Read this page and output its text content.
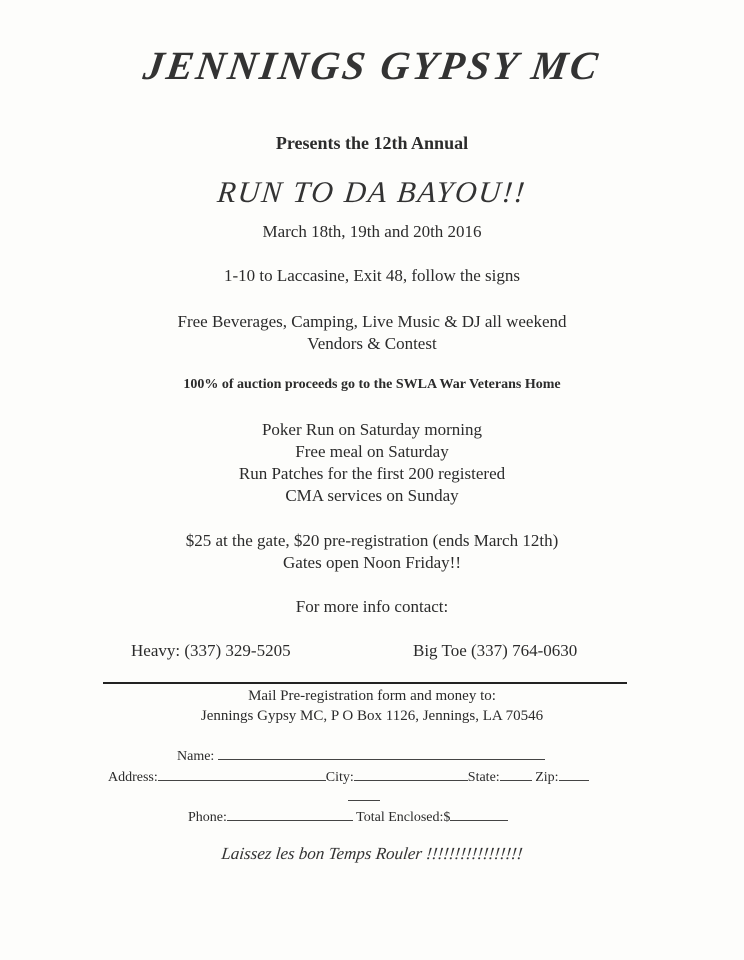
JENNINGS GYPSY MC
Presents the 12th Annual
RUN TO DA BAYOU!!
March 18th, 19th and 20th 2016
1-10 to Laccasine, Exit 48, follow the signs
Free Beverages, Camping, Live Music & DJ all weekend
Vendors & Contest
100% of auction proceeds go to the SWLA War Veterans Home
Poker Run on Saturday morning
Free meal on Saturday
Run Patches for the first 200 registered
CMA services on Sunday
$25 at the gate, $20 pre-registration (ends March 12th)
Gates open Noon Friday!!
For more info contact:
Heavy: (337) 329-5205	Big Toe (337) 764-0630
Mail Pre-registration form and money to:
Jennings Gypsy MC, P O Box 1126, Jennings, LA 70546
Name:
Address:	City:	State:	Zip:
Phone:	Total Enclosed:$
Laissez les bon Temps Rouler !!!!!!!!!!!!!!!!!
